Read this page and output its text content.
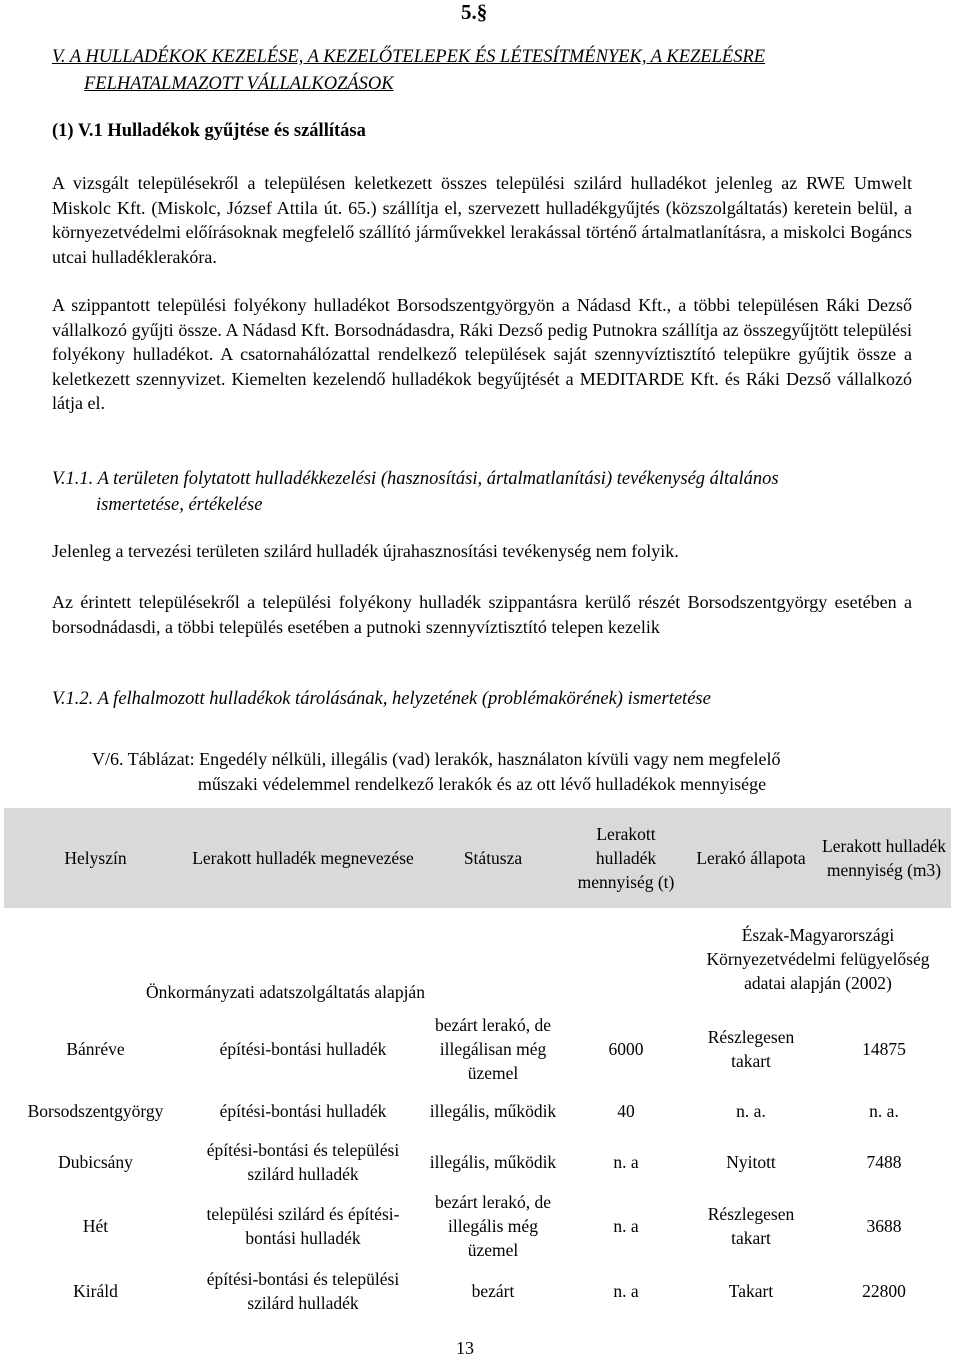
5.§
V. A HULLADÉKOK KEZELÉSE, A KEZELŐTELEPEK ÉS LÉTESÍTMÉNYEK, A KEZELÉSRE
FELHATALMAZOTT VÁLLALKOZÁSOK
(1) V.1 Hulladékok gyűjtése és szállítása
A vizsgált településekről a településen keletkezett összes települési szilárd hulladékot jelenleg az RWE Umwelt Miskolc Kft. (Miskolc, József Attila út. 65.) szállítja el, szervezett hulladékgyűjtés (közszolgáltatás) keretein belül, a környezetvédelmi előírásoknak megfelelő szállító járművekkel lerakással történő ártalmatlanításra, a miskolci Bogáncs utcai hulladéklerakóra.
A szippantott települési folyékony hulladékot Borsodszentgyörgyön a Nádasd Kft., a többi településen Ráki Dezső vállalkozó gyűjti össze. A Nádasd Kft. Borsodnádasdra, Ráki Dezső pedig Putnokra szállítja az összegyűjtött települési folyékony hulladékot. A csatornahálózattal rendelkező települések saját szennyvíztisztító telepükre gyűjtik össze a keletkezett szennyvizet. Kiemelten kezelendő hulladékok begyűjtését a MEDITARDE Kft. és Ráki Dezső vállalkozó látja el.
V.1.1. A területen folytatott hulladékkezelési (hasznosítási, ártalmatlanítási) tevékenység általános
ismertetése, értékelése
Jelenleg a tervezési területen szilárd hulladék újrahasznosítási tevékenység nem folyik.
Az érintett településekről a települési folyékony hulladék szippantásra kerülő részét Borsodszentgyörgy esetében a borsodnádasdi, a többi település esetében a putnoki szennyvíztisztító telepen kezelik
V.1.2. A felhalmozott hulladékok tárolásának, helyzetének (problémakörének) ismertetése
V/6. Táblázat: Engedély nélküli, illegális (vad) lerakók, használaton kívüli vagy nem megfelelő
műszaki védelemmel rendelkező lerakók és az ott lévő hulladékok mennyisége
Helyszín	Lerakott hulladék megnevezése	Státusza	Lerakott hulladék mennyiség (t)	Lerakó állapota	Lerakott hulladék mennyiség (m3)
Önkormányzati adatszolgáltatás alapján				Észak-Magyarországi Környezetvédelmi felügyelőség adatai alapján (2002)	
Bánréve	építési-bontási hulladék	bezárt lerakó, de illegálisan még üzemel	6000	Részlegesen takart	14875
Borsodszentgyörgy	építési-bontási hulladék	illegális, működik	40	n. a.	n. a.
Dubicsány	építési-bontási és települési szilárd hulladék	illegális, működik	n. a	Nyitott	7488
Hét	települési szilárd és építési-bontási hulladék	bezárt lerakó, de illegális még üzemel	n. a	Részlegesen takart	3688
Királd	építési-bontási és települési szilárd hulladék	bezárt	n. a	Takart	22800
13
